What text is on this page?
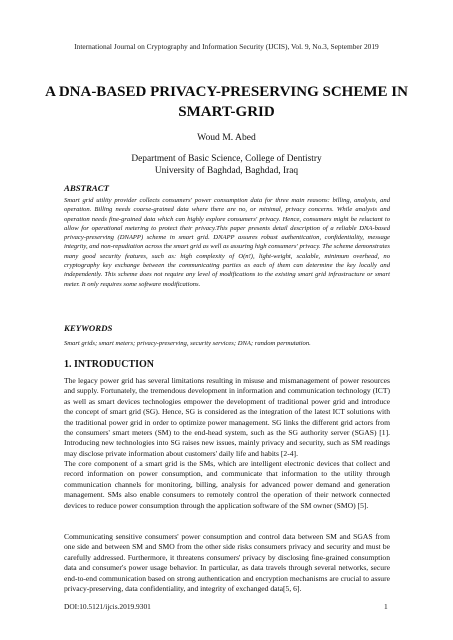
International Journal on Cryptography and Information Security (IJCIS), Vol. 9, No.3, September 2019
A DNA-BASED PRIVACY-PRESERVING SCHEME IN
SMART-GRID
Woud M. Abed
Department of Basic Science, College of Dentistry
University of Baghdad, Baghdad, Iraq
ABSTRACT

Smart grid utility provider collects consumers' power consumption data for three main reasons: billing, analysis, and operation. Billing needs coarse-grained data where there are no, or minimal, privacy concerns. While analysis and operation needs fine-grained data which can highly explore consumers' privacy. Hence, consumers might be reluctant to allow for operational metering to protect their privacy.This paper presents detail description of a reliable DNA-based privacy-preserving (DNAPP) scheme in smart grid. DNAPP assures robust authentication, confidentiality, message integrity, and non-repudiation across the smart grid as well as assuring high consumers' privacy. The scheme demonstrates many good security features, such as: high complexity of O(n!), light-weight, scalable, minimum overhead, no cryptography key exchange between the communicating parties as each of them can determine the key locally and independently. This scheme does not require any level of modifications to the existing smart grid infrastructure or smart meter. It only requires some software modifications.

KEYWORDS

Smart grids; smart meters; privacy-preserving, security services; DNA; random permutation.

1. INTRODUCTION

The legacy power grid has several limitations resulting in misuse and mismanagement of power resources and supply. Fortunately, the tremendous development in information and communication technology (ICT) as well as smart devices technologies empower the development of traditional power grid and introduce the concept of smart grid (SG). Hence, SG is considered as the integration of the latest ICT solutions with the traditional power grid in order to optimize power management. SG links the different grid actors from the consumers' smart meters (SM) to the end-head system, such as the SG authority server (SGAS) [1]. Introducing new technologies into SG raises new issues, mainly privacy and security, such as SM readings may disclose private information about customers' daily life and habits [2-4].

The core component of a smart grid is the SMs, which are intelligent electronic devices that collect and record information on power consumption, and communicate that information to the utility through communication channels for monitoring, billing, analysis for advanced power demand and generation management. SMs also enable consumers to remotely control the operation of their network connected devices to reduce power consumption through the application software of the SM owner (SMO) [5].

Communicating sensitive consumers' power consumption and control data between SM and SGAS from one side and between SM and SMO from the other side risks consumers privacy and security and must be carefully addressed. Furthermore, it threatens consumers' privacy by disclosing fine-grained consumption data and consumer's power usage behavior. In particular, as data travels through several networks, secure end-to-end communication based on strong authentication and encryption mechanisms are crucial to assure privacy-preserving, data confidentiality, and integrity of exchanged data[5, 6].

DOI:10.5121/ijcis.2019.9301	1
